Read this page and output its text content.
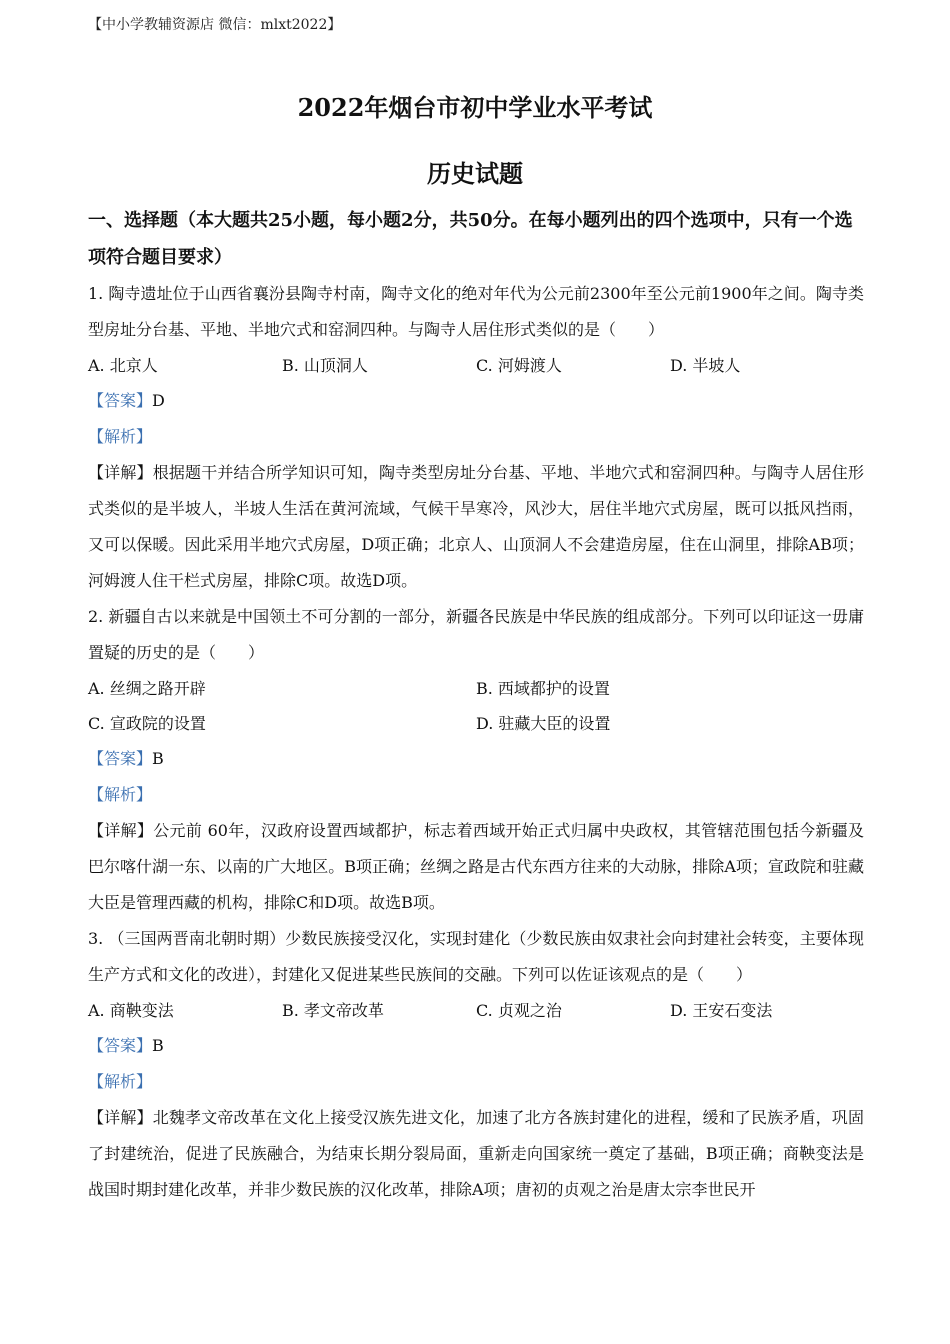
【中小学教辅资源店 微信：mlxt2022】
2022年烟台市初中学业水平考试
历史试题

一、选择题（本大题共25小题，每小题2分，共50分。在每小题列出的四个选项中，只有一个选项符合题目要求）

1. 陶寺遗址位于山西省襄汾县陶寺村南，陶寺文化的绝对年代为公元前2300年至公元前1900年之间。陶寺类型房址分台基、平地、半地穴式和窑洞四种。与陶寺人居住形式类似的是（　　）

A. 北京人	B. 山顶洞人	C. 河姆渡人	D. 半坡人

【答案】D

【解析】

【详解】根据题干并结合所学知识可知，陶寺类型房址分台基、平地、半地穴式和窑洞四种。与陶寺人居住形式类似的是半坡人，半坡人生活在黄河流域，气候干旱寒冷，风沙大，居住半地穴式房屋，既可以抵风挡雨，又可以保暖。因此采用半地穴式房屋，D项正确；北京人、山顶洞人不会建造房屋，住在山洞里，排除AB项；河姆渡人住干栏式房屋，排除C项。故选D项。

2. 新疆自古以来就是中国领土不可分割的一部分，新疆各民族是中华民族的组成部分。下列可以印证这一毋庸置疑的历史的是（　　）

A. 丝绸之路开辟	B. 西域都护的设置
C. 宣政院的设置	D. 驻藏大臣的设置

【答案】B

【解析】

【详解】公元前 60年，汉政府设置西域都护，标志着西域开始正式归属中央政权，其管辖范围包括今新疆及巴尔喀什湖一东、以南的广大地区。B项正确；丝绸之路是古代东西方往来的大动脉，排除A项；宣政院和驻藏大臣是管理西藏的机构，排除C和D项。故选B项。

3. （三国两晋南北朝时期）少数民族接受汉化，实现封建化（少数民族由奴隶社会向封建社会转变，主要体现生产方式和文化的改进），封建化又促进某些民族间的交融。下列可以佐证该观点的是（　　）

A. 商鞅变法	B. 孝文帝改革	C. 贞观之治	D. 王安石变法

【答案】B

【解析】

【详解】北魏孝文帝改革在文化上接受汉族先进文化，加速了北方各族封建化的进程，缓和了民族矛盾，巩固了封建统治，促进了民族融合，为结束长期分裂局面，重新走向国家统一奠定了基础，B项正确；商鞅变法是战国时期封建化改革，并非少数民族的汉化改革，排除A项；唐初的贞观之治是唐太宗李世民开
